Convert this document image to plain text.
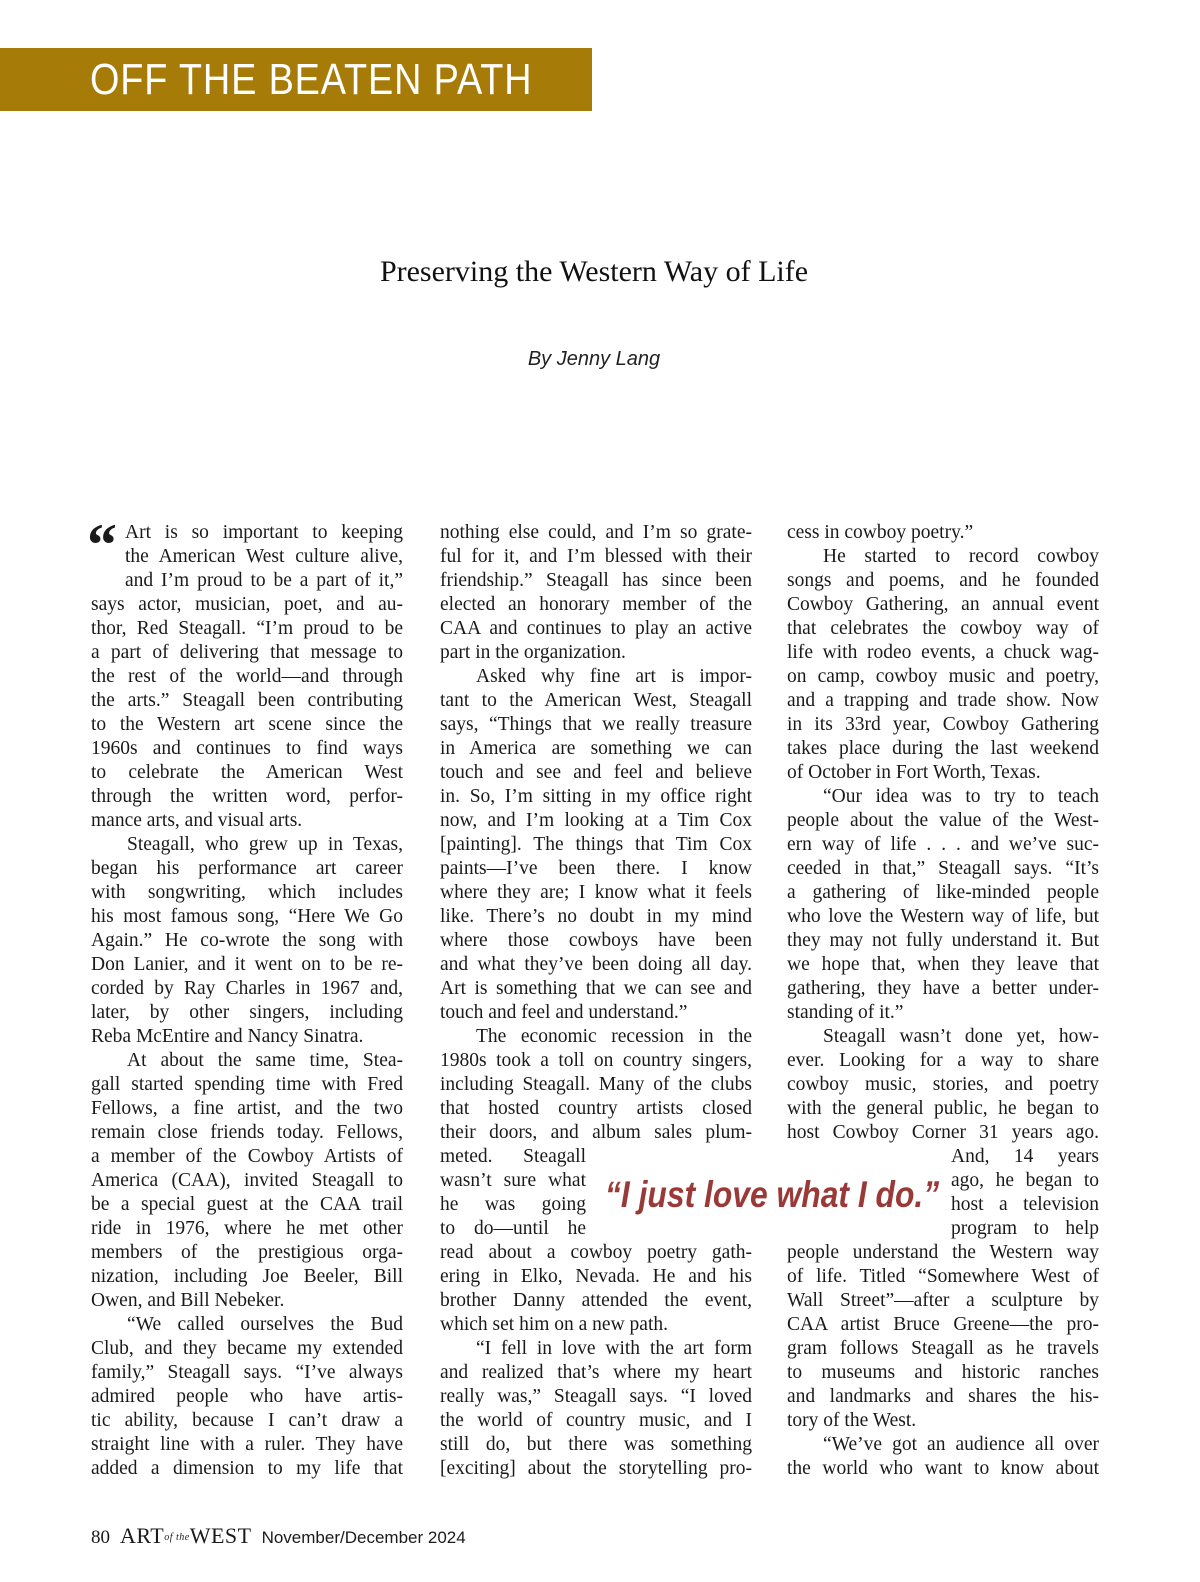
OFF THE BEATEN PATH
Preserving the Western Way of Life
By Jenny Lang
“ Art is so important to keeping
the American West culture alive,
and I’m proud to be a part of it,”
says actor, musician, poet, and au-
thor, Red Steagall. “I’m proud to be
a part of delivering that message to
the rest of the world—and through
the arts.” Steagall been contributing
to the Western art scene since the
1960s and continues to find ways
to celebrate the American West
through the written word, perfor-
mance arts, and visual arts.
Steagall, who grew up in Texas,
began his performance art career
with songwriting, which includes
his most famous song, “Here We Go
Again.” He co-wrote the song with
Don Lanier, and it went on to be re-
corded by Ray Charles in 1967 and,
later, by other singers, including
Reba McEntire and Nancy Sinatra.
At about the same time, Stea-
gall started spending time with Fred
Fellows, a fine artist, and the two
remain close friends today. Fellows,
a member of the Cowboy Artists of
America (CAA), invited Steagall to
be a special guest at the CAA trail
ride in 1976, where he met other
members of the prestigious orga-
nization, including Joe Beeler, Bill
Owen, and Bill Nebeker.
“We called ourselves the Bud
Club, and they became my extended
family,” Steagall says. “I’ve always
admired people who have artis-
tic ability, because I can’t draw a
straight line with a ruler. They have
added a dimension to my life that
nothing else could, and I’m so grate-
ful for it, and I’m blessed with their
friendship.” Steagall has since been
elected an honorary member of the
CAA and continues to play an active
part in the organization.
Asked why fine art is impor-
tant to the American West, Steagall
says, “Things that we really treasure
in America are something we can
touch and see and feel and believe
in. So, I’m sitting in my office right
now, and I’m looking at a Tim Cox
[painting]. The things that Tim Cox
paints—I’ve been there. I know
where they are; I know what it feels
like. There’s no doubt in my mind
where those cowboys have been
and what they’ve been doing all day.
Art is something that we can see and
touch and feel and understand.”
The economic recession in the
1980s took a toll on country singers,
including Steagall. Many of the clubs
that hosted country artists closed
their doors, and album sales plum-
meted. Steagall
wasn’t sure what
he was going
to do—until he
read about a cowboy poetry gath-
ering in Elko, Nevada. He and his
brother Danny attended the event,
which set him on a new path.
“I fell in love with the art form
and realized that’s where my heart
really was,” Steagall says. “I loved
the world of country music, and I
still do, but there was something
[exciting] about the storytelling pro-
cess in cowboy poetry.”
He started to record cowboy
songs and poems, and he founded
Cowboy Gathering, an annual event
that celebrates the cowboy way of
life with rodeo events, a chuck wag-
on camp, cowboy music and poetry,
and a trapping and trade show. Now
in its 33rd year, Cowboy Gathering
takes place during the last weekend
of October in Fort Worth, Texas.
“Our idea was to try to teach
people about the value of the West-
ern way of life . . . and we’ve suc-
ceeded in that,” Steagall says. “It’s
a gathering of like-minded people
who love the Western way of life, but
they may not fully understand it. But
we hope that, when they leave that
gathering, they have a better under-
standing of it.”
Steagall wasn’t done yet, how-
ever. Looking for a way to share
cowboy music, stories, and poetry
with the general public, he began to
host Cowboy Corner 31 years ago.
And, 14 years
ago, he began to
host a television
program to help
people understand the Western way
of life. Titled “Somewhere West of
Wall Street”—after a sculpture by
CAA artist Bruce Greene—the pro-
gram follows Steagall as he travels
to museums and historic ranches
and landmarks and shares the his-
tory of the West.
“We’ve got an audience all over
the world who want to know about
“I just love what I do.”
80 ARTof theWEST November/December 2024
